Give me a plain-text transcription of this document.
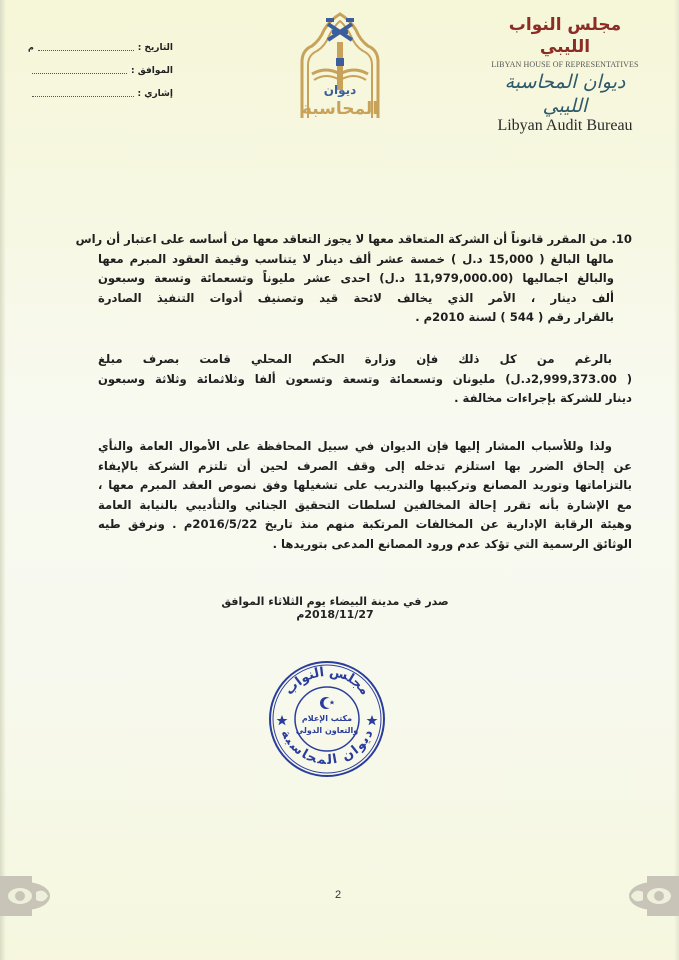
التاريخ :
م
الموافق :
إشاري :	ديوان
المحاسبة
مجلس النواب الليبي
LIBYAN HOUSE OF REPRESENTATIVES
ديوان المحاسبة الليبي
Libyan Audit Bureau
10. من المقرر قانوناً أن الشركة المتعاقد معها لا يجوز التعاقد معها من أساسه على اعتبار أن راس
مالها البالغ ( 15,000 د.ل ) خمسة عشر ألف دينار لا يتناسب وقيمة العقود المبرم معها
والبالغ اجماليها (11,979,000.00 د.ل) احدى عشر مليوناً وتسعمائة وتسعة وسبعون
ألف دينار ، الأمر الذي يخالف لائحة قيد وتصنيف أدوات التنفيذ الصادرة
بالقرار رقم ( 544 ) لسنة 2010م .
بالرغم من كل ذلك فإن وزارة الحكم المحلي قامت بصرف مبلغ
( 2,999,373.00د.ل) مليونان وتسعمائة وتسعة وتسعون ألفا وثلاثمائة وثلاثة وسبعون
دينار للشركة بإجراءات مخالفة .
ولذا وللأسباب المشار إليها فإن الديوان في سبيل المحافظة على الأموال العامة والنأي
عن إلحاق الضرر بها استلزم تدخله إلى وقف الصرف لحين أن تلتزم الشركة بالإيفاء
بالتزاماتها وتوريد المصانع وتركيبها والتدريب على تشغيلها وفق نصوص العقد المبرم معها ،
مع الإشارة بأنه تقرر إحالة المخالفين لسلطات التحقيق الجنائي والتأديبي بالنيابة العامة
وهيئة الرقابة الإدارية عن المخالفات المرتكبة منهم منذ تاريخ 2016/5/22م . ونرفق طيه
الوثائق الرسمية التي تؤكد عدم ورود المصانع المدعى بتوريدها .
صدر في مدينة البيضاء يوم الثلاثاء الموافق 2018/11/27م
مجلس النواب
ديوان المحاسبة
مكتب الإعلام
والتعاون الدولي
2
